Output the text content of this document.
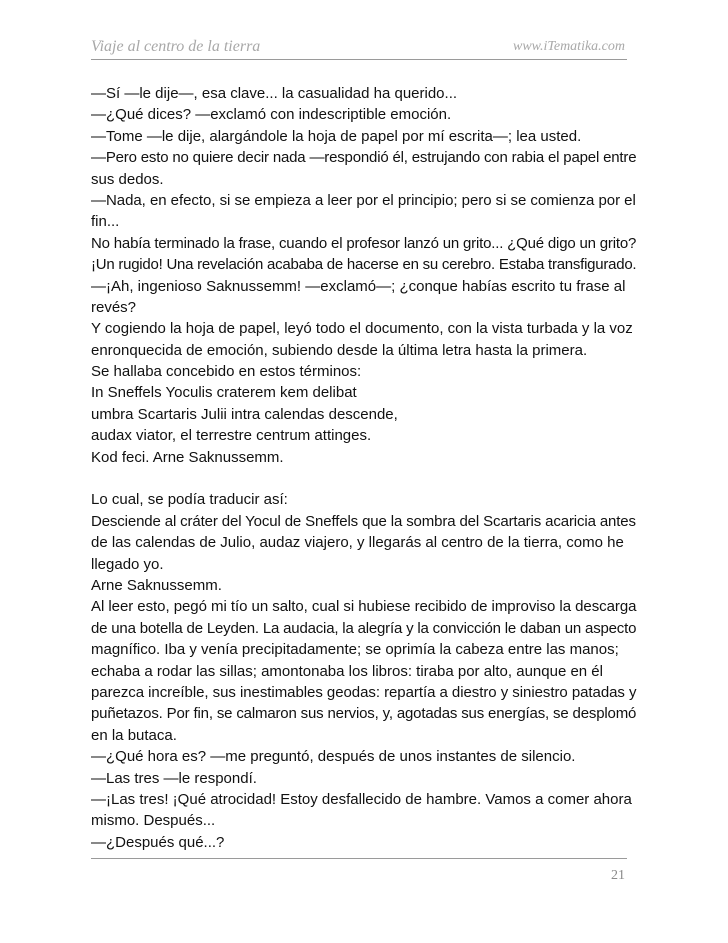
Viaje al centro de la tierra	www.iTematika.com
—Sí —le dije—, esa clave... la casualidad ha querido...
—¿Qué dices? —exclamó con indescriptible emoción.
—Tome —le dije, alargándole la hoja de papel por mí escrita—; lea usted.
—Pero esto no quiere decir nada —respondió él, estrujando con rabia el papel entre
sus dedos.
—Nada, en efecto, si se empieza a leer por el principio; pero si se comienza por el
fin...
No había terminado la frase, cuando el profesor lanzó un grito... ¿Qué digo un grito?
¡Un rugido! Una revelación acababa de hacerse en su cerebro. Estaba transfigurado.
—¡Ah, ingenioso Saknussemm! —exclamó—; ¿conque habías escrito tu frase al
revés?
Y cogiendo la hoja de papel, leyó todo el documento, con la vista turbada y la voz
enronquecida de emoción, subiendo desde la última letra hasta la primera.
Se hallaba concebido en estos términos:
In Sneffels Yoculis craterem kem delibat
umbra Scartaris Julii intra calendas descende,
audax viator, el terrestre centrum attinges.
Kod feci. Arne Saknussemm.
Lo cual, se podía traducir así:
Desciende al cráter del Yocul de Sneffels que la sombra del Scartaris acaricia antes
de las calendas de Julio, audaz viajero, y llegarás al centro de la tierra, como he
llegado yo.
Arne Saknussemm.
Al leer esto, pegó mi tío un salto, cual si hubiese recibido de improviso la descarga
de una botella de Leyden. La audacia, la alegría y la convicción le daban un aspecto
magnífico. Iba y venía precipitadamente; se oprimía la cabeza entre las manos;
echaba a rodar las sillas; amontonaba los libros: tiraba por alto, aunque en él
parezca increíble, sus inestimables geodas: repartía a diestro y siniestro patadas y
puñetazos. Por fin, se calmaron sus nervios, y, agotadas sus energías, se desplomó
en la butaca.
—¿Qué hora es? —me preguntó, después de unos instantes de silencio.
—Las tres —le respondí.
—¡Las tres! ¡Qué atrocidad! Estoy desfallecido de hambre. Vamos a comer ahora
mismo. Después...
—¿Después qué...?
21
